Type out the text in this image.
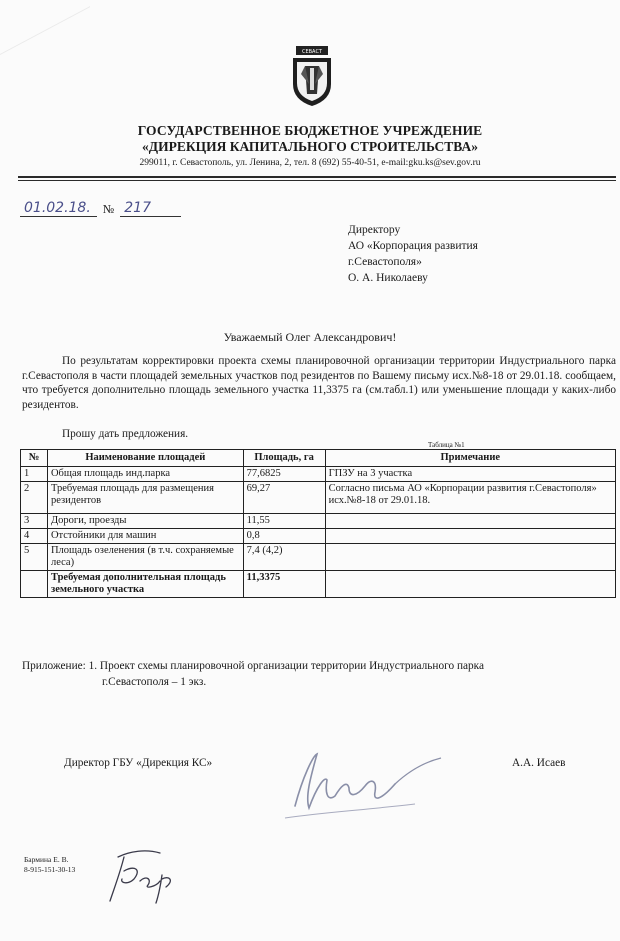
СЕВАСТ
ГОСУДАРСТВЕННОЕ БЮДЖЕТНОЕ УЧРЕЖДЕНИЕ
«ДИРЕКЦИЯ КАПИТАЛЬНОГО СТРОИТЕЛЬСТВА»
299011, г. Севастополь, ул. Ленина, 2, тел. 8 (692) 55-40-51, e-mail:gku.ks@sev.gov.ru
01.02.18.	№ 217
Директору
АО «Корпорация развития
г.Севастополя»
О. А. Николаеву
Уважаемый Олег Александрович!
По результатам корректировки проекта схемы планировочной организации территории Индустриального парка г.Севастополя в части площадей земельных участков под резидентов по Вашему письму исх.№8-18 от 29.01.18. сообщаем, что требуется дополнительно площадь земельного участка 11,3375 га (см.табл.1) или уменьшение площади у каких-либо резидентов.
Прошу дать предложения.
Таблица №1
№	Наименование площадей	Площадь, га	Примечание
1	Общая площадь инд.парка	77,6825	ГПЗУ на 3 участка
2	Требуемая площадь для размещения резидентов	69,27	Согласно письма АО «Корпорации развития г.Севастополя» исх.№8-18 от 29.01.18.
3	Дороги, проезды	11,55	
4	Отстойники для машин	0,8	
5	Площадь озеленения (в т.ч. сохраняемые леса)	7,4 (4,2)	
	Требуемая дополнительная площадь земельного участка	11,3375	
Приложение: 1. Проект схемы планировочной организации территории Индустриального парка
г.Севастополя – 1 экз.
Директор ГБУ «Дирекция КС»	А.А. Исаев
Бармина Е. В.
8-915-151-30-13
